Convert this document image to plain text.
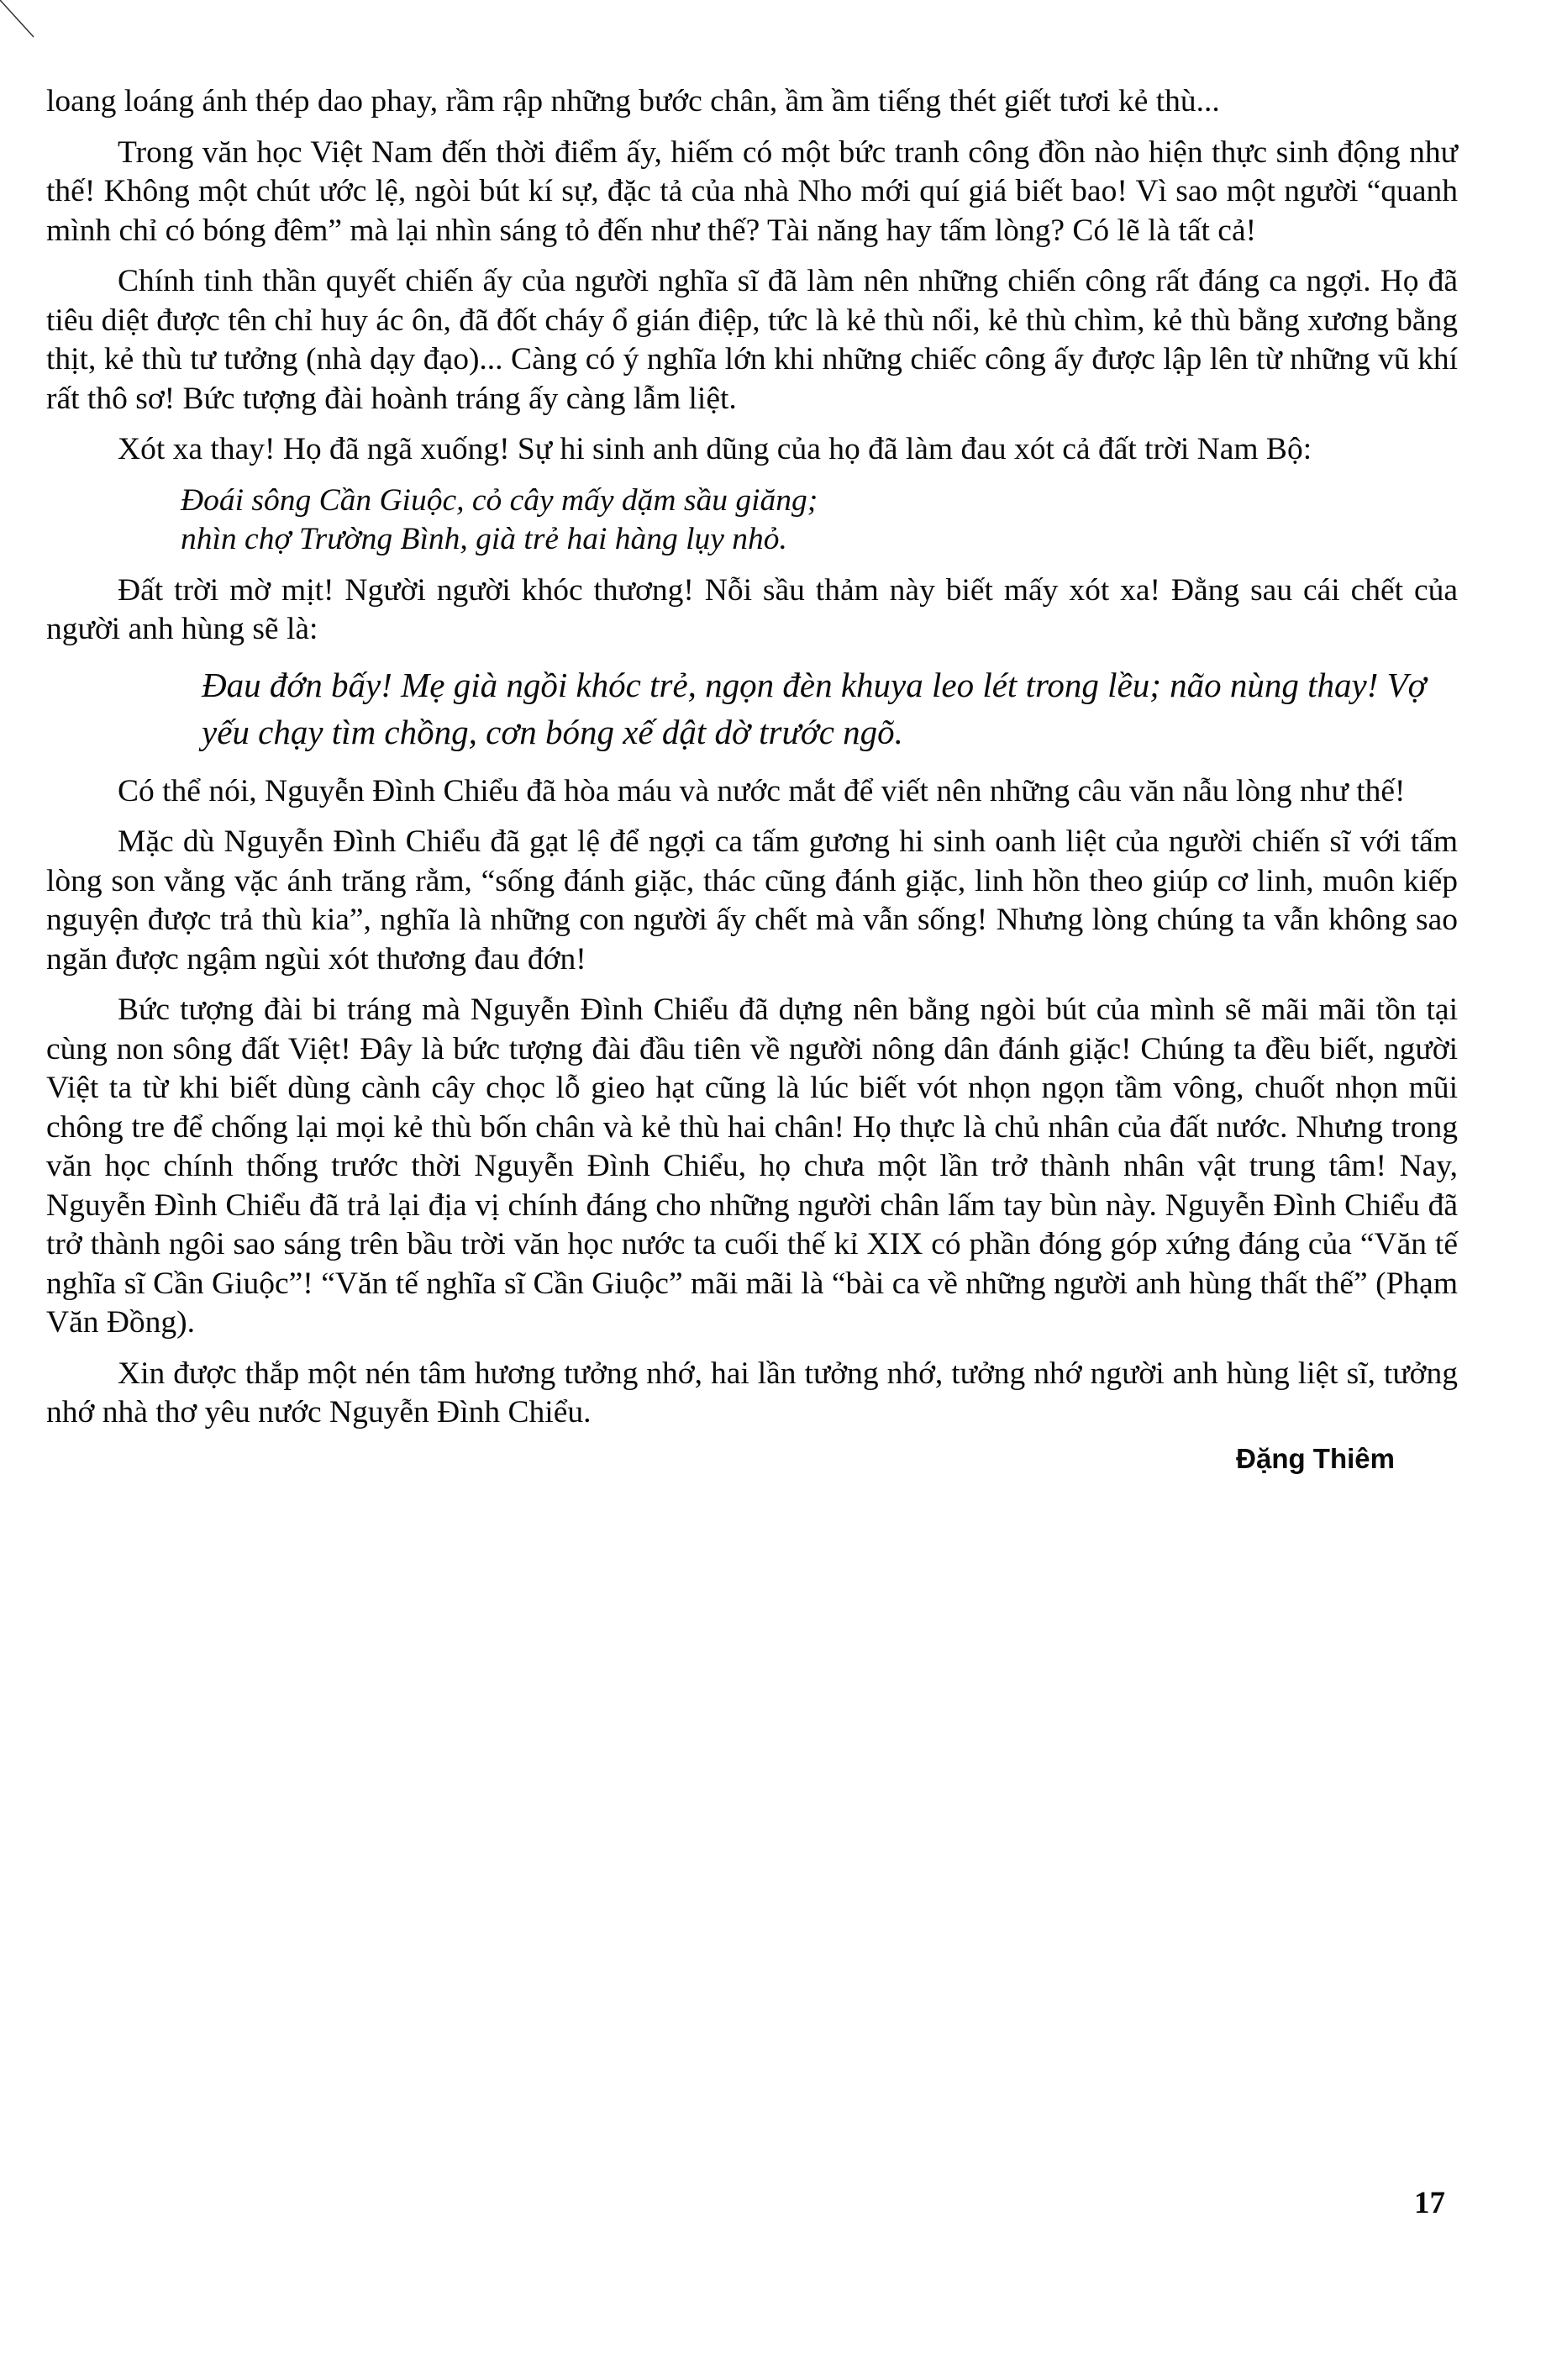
loang loáng ánh thép dao phay, rầm rập những bước chân, ầm ầm tiếng thét giết tươi kẻ thù...

Trong văn học Việt Nam đến thời điểm ấy, hiếm có một bức tranh công đồn nào hiện thực sinh động như thế! Không một chút ước lệ, ngòi bút kí sự, đặc tả của nhà Nho mới quí giá biết bao! Vì sao một người “quanh mình chỉ có bóng đêm” mà lại nhìn sáng tỏ đến như thế? Tài năng hay tấm lòng? Có lẽ là tất cả!

Chính tinh thần quyết chiến ấy của người nghĩa sĩ đã làm nên những chiến công rất đáng ca ngợi. Họ đã tiêu diệt được tên chỉ huy ác ôn, đã đốt cháy ổ gián điệp, tức là kẻ thù nổi, kẻ thù chìm, kẻ thù bằng xương bằng thịt, kẻ thù tư tưởng (nhà dạy đạo)... Càng có ý nghĩa lớn khi những chiếc công ấy được lập lên từ những vũ khí rất thô sơ! Bức tượng đài hoành tráng ấy càng lẫm liệt.

Xót xa thay! Họ đã ngã xuống! Sự hi sinh anh dũng của họ đã làm đau xót cả đất trời Nam Bộ:

Đoái sông Cần Giuộc, cỏ cây mấy dặm sầu giăng;
nhìn chợ Trường Bình, già trẻ hai hàng lụy nhỏ.

Đất trời mờ mịt! Người người khóc thương! Nỗi sầu thảm này biết mấy xót xa! Đằng sau cái chết của người anh hùng sẽ là:

Đau đớn bấy! Mẹ già ngồi khóc trẻ, ngọn đèn khuya leo lét trong lều; não nùng thay! Vợ yếu chạy tìm chồng, cơn bóng xế dật dờ trước ngõ.

Có thể nói, Nguyễn Đình Chiểu đã hòa máu và nước mắt để viết nên những câu văn nẫu lòng như thế!

Mặc dù Nguyễn Đình Chiểu đã gạt lệ để ngợi ca tấm gương hi sinh oanh liệt của người chiến sĩ với tấm lòng son vằng vặc ánh trăng rằm, “sống đánh giặc, thác cũng đánh giặc, linh hồn theo giúp cơ linh, muôn kiếp nguyện được trả thù kia”, nghĩa là những con người ấy chết mà vẫn sống! Nhưng lòng chúng ta vẫn không sao ngăn được ngậm ngùi xót thương đau đớn!

Bức tượng đài bi tráng mà Nguyễn Đình Chiểu đã dựng nên bằng ngòi bút của mình sẽ mãi mãi tồn tại cùng non sông đất Việt! Đây là bức tượng đài đầu tiên về người nông dân đánh giặc! Chúng ta đều biết, người Việt ta từ khi biết dùng cành cây chọc lỗ gieo hạt cũng là lúc biết vót nhọn ngọn tầm vông, chuốt nhọn mũi chông tre để chống lại mọi kẻ thù bốn chân và kẻ thù hai chân! Họ thực là chủ nhân của đất nước. Nhưng trong văn học chính thống trước thời Nguyễn Đình Chiểu, họ chưa một lần trở thành nhân vật trung tâm! Nay, Nguyễn Đình Chiểu đã trả lại địa vị chính đáng cho những người chân lấm tay bùn này. Nguyễn Đình Chiểu đã trở thành ngôi sao sáng trên bầu trời văn học nước ta cuối thế kỉ XIX có phần đóng góp xứng đáng của “Văn tế nghĩa sĩ Cần Giuộc”! “Văn tế nghĩa sĩ Cần Giuộc” mãi mãi là “bài ca về những người anh hùng thất thế” (Phạm Văn Đồng).

Xin được thắp một nén tâm hương tưởng nhớ, hai lần tưởng nhớ, tưởng nhớ người anh hùng liệt sĩ, tưởng nhớ nhà thơ yêu nước Nguyễn Đình Chiểu.

Đặng Thiêm
17
